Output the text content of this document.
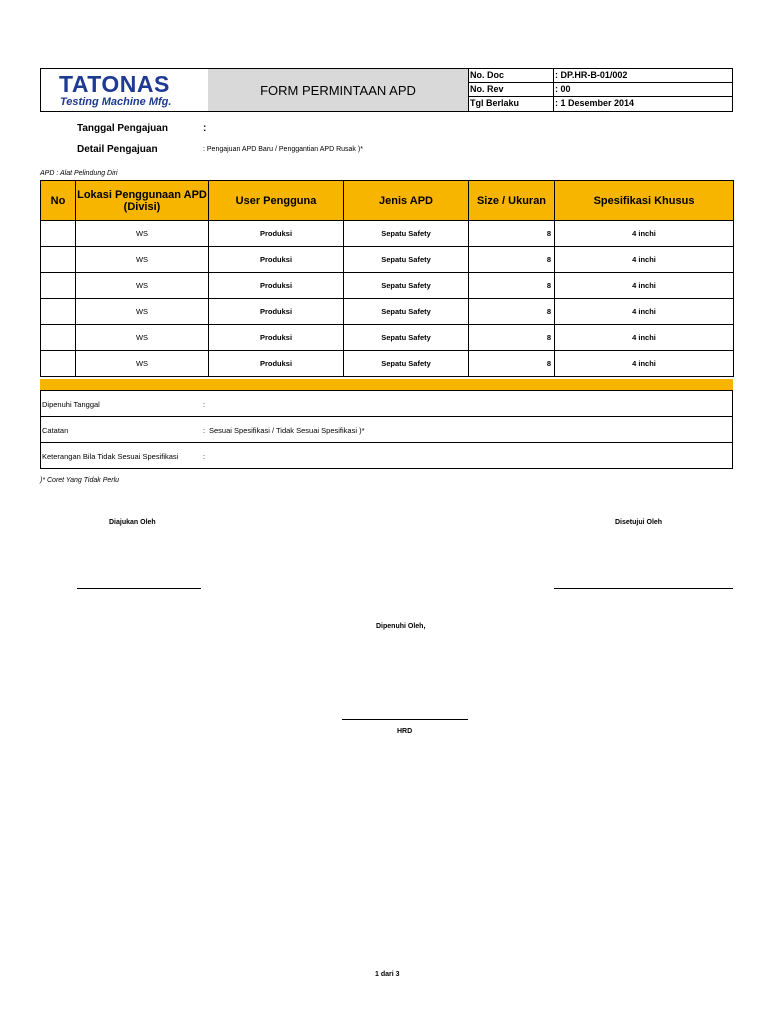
TATONAS
Testing Machine Mfg.
FORM PERMINTAAN APD
No. Doc	: DP.HR-B-01/002
No. Rev	: 00
Tgl Berlaku	: 1 Desember 2014
Tanggal Pengajuan	:
Detail Pengajuan	: Pengajuan APD Baru / Penggantian APD Rusak )*
APD : Alat Pelindung Diri
No	Lokasi Penggunaan APD (Divisi)	User Pengguna	Jenis APD	Size / Ukuran	Spesifikasi Khusus
	WS	Produksi	Sepatu Safety	8	4 inchi
	WS	Produksi	Sepatu Safety	8	4 inchi
	WS	Produksi	Sepatu Safety	8	4 inchi
	WS	Produksi	Sepatu Safety	8	4 inchi
	WS	Produksi	Sepatu Safety	8	4 inchi
	WS	Produksi	Sepatu Safety	8	4 inchi
Dipenuhi Tanggal	:
Catatan	: Sesuai Spesifikasi / Tidak Sesuai Spesifikasi )*
Keterangan Bila Tidak Sesuai Spesifikasi	:
)* Coret Yang Tidak Perlu
Diajukan Oleh	Disetujui Oleh
Dipenuhi Oleh,
HRD
1 dari 3
